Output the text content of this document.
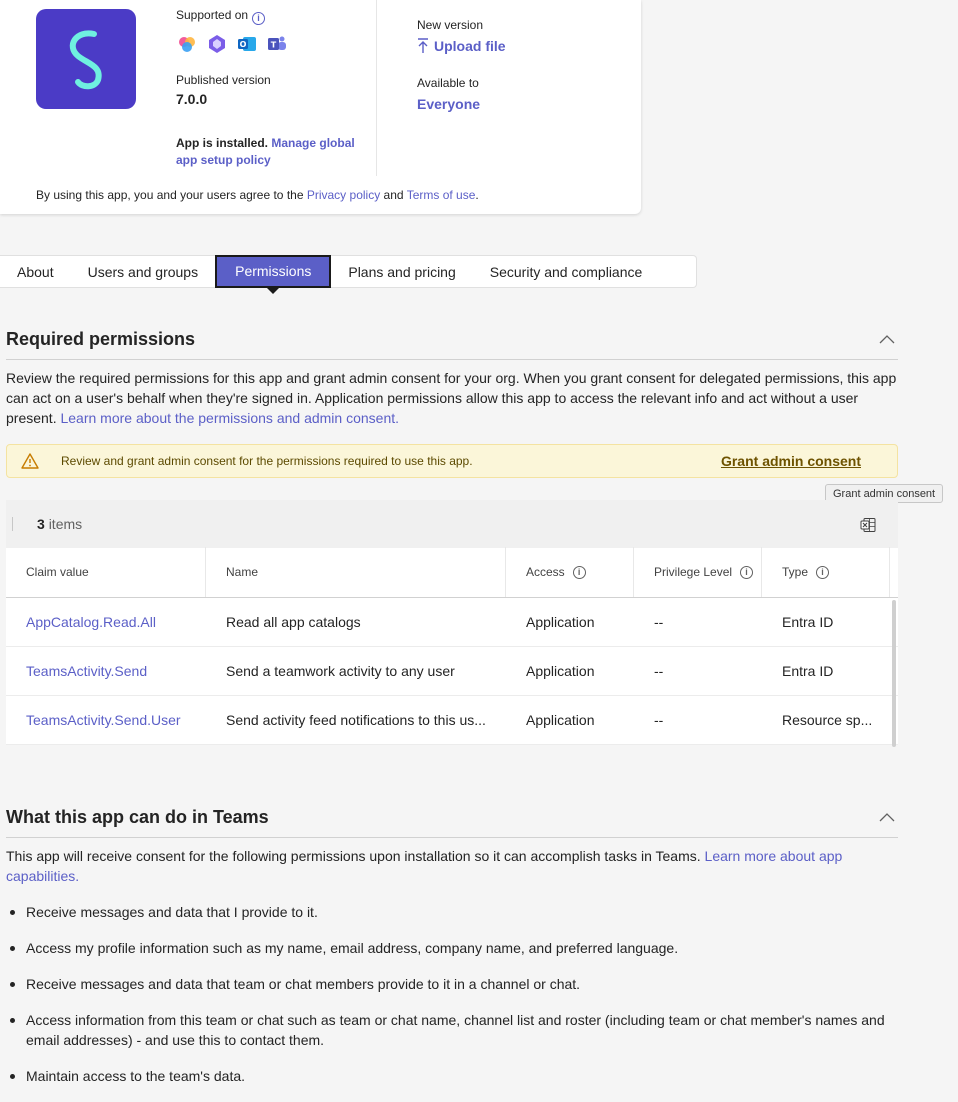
Supported on i
O	T
Published version
7.0.0
App is installed. Manage global app setup policy
New version
Upload file
Available to
Everyone
By using this app, you and your users agree to the Privacy policy and Terms of use.
About	Users and groups	Permissions	Plans and pricing	Security and compliance
Required permissions
Review the required permissions for this app and grant admin consent for your org. When you grant consent for delegated permissions, this app can act on a user's behalf when they're signed in. Application permissions allow this app to access the relevant info and act without a user present. Learn more about the permissions and admin consent.
Review and grant admin consent for the permissions required to use this app.	Grant admin consent
Grant admin consent
3 items
Claim value	Name	Access	i	Privilege Level	i	Type	i
AppCatalog.Read.All	Read all app catalogs	Application	--	Entra ID
TeamsActivity.Send	Send a teamwork activity to any user	Application	--	Entra ID
TeamsActivity.Send.User	Send activity feed notifications to this us...	Application	--	Resource sp...
What this app can do in Teams
This app will receive consent for the following permissions upon installation so it can accomplish tasks in Teams. Learn more about app capabilities.
Receive messages and data that I provide to it.
Access my profile information such as my name, email address, company name, and preferred language.
Receive messages and data that team or chat members provide to it in a channel or chat.
Access information from this team or chat such as team or chat name, channel list and roster (including team or chat member's names and email addresses) - and use this to contact them.
Maintain access to the team's data.
